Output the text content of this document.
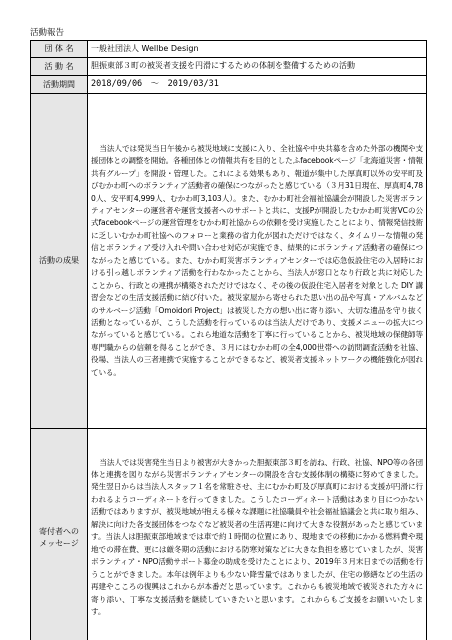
活動報告
団 体 名	一般社団法人 Wellbe Design
活 動 名	胆振東部３町の被災者支援を円滑にするための体制を整備するための活動
活動期間	2018/09/06　～　2019/03/31
活動の成果	当法人では発災当日午後から被災地域に支援に入り、全社協や中央共募を含めた外部の機関や支援団体との調整を開始。各種団体との情報共有を目的としたふfacebookページ「北海道災害・情報共有グループ」を開設・管理した。これによる効果もあり、報道が集中した厚真町以外の安平町及びむかわ町へのボランティア活動者の確保につながったと感じている（３月31日現在、厚真町4,780人、安平町4,999人、むかわ町3,103人）。また、むかわ町社会福祉協議会が開設した災害ボランティアセンターの運営者や運営支援者へのサポートと共に、支援Pが開設したむかわ町災害VCの公式facebookページの運営管理をむかわ町社協からの依頼を受け実施したことにより、情報発信技術に乏しいむかわ町社協へのフォローと業務の省力化が図れただけではなく、タイムリーな情報の発信とボランティア受け入れや問い合わせ対応が実施でき、結果的にボランティア活動者の確保につながったと感じている。また、むかわ町災害ボランティアセンターでは応急仮設住宅の入居時における引っ越しボランティア活動を行わなかったことから、当法人が窓口となり行政と共に対応したことから、行政との連携が構築されただけではなく、その後の仮設住宅入居者を対象とした DIY 講習会などの生活支援活動に結び付いた。被災家屋から寄せられた思い出の品や写真・アルバムなどのサルベージ活動「Omoidori Project」は被災した方の想い出に寄り添い、大切な遺品を守り抜く活動となっているが、こうした活動を行っているのは当法人だけであり、支援メニューの拡大につながっていると感じている。これら地道な活動を丁寧に行っていることから、被災地域の保健師等専門職からの信頼を得ることができ、３月にはむかわ町の全4,000世帯への訪問調査活動を社協、役場、当法人の三者連携で実施することができるなど、被災者支援ネットワークの機能強化が図れている。
寄付者への
メッセージ	当法人では災害発生当日より被害が大きかった胆振東部３町を訪ね、行政、社協、NPO等の各団体と連携を図りながら災害ボランティアセンターの開設を含む支援体制の構築に努めてきました。発生翌日からは当法人スタッフ１名を常駐させ、主にむかわ町及び厚真町における支援が円滑に行われるようコーディネートを行ってきました。こうしたコーディネート活動はあまり目につかない活動ではありますが、被災地域が抱える様々な課題に社協職員や社会福祉協議会と共に取り組み、解決に向けた各支援団体をつなぐなど被災者の生活再建に向けて大きな役割があったと感じています。当法人は胆振東部地域までは車で約１時間の位置にあり、現地までの移動にかかる燃料費や現地での滞在費、更には厳冬期の活動における防寒対策などに大きな負担を感じていましたが、災害ボランティア・NPO活動サポート募金の助成を受けたことにより、2019年３月末日までの活動を行うことができました。本年は例年よりも少ない降雪量ではありましたが、住宅の修繕などの生活の再建やこころの復興はこれからが本番だと思っています。これからも被災地域で被災された方々に寄り添い、丁寧な支援活動を継続していきたいと思います。これからもご支援をお願いいたします。
